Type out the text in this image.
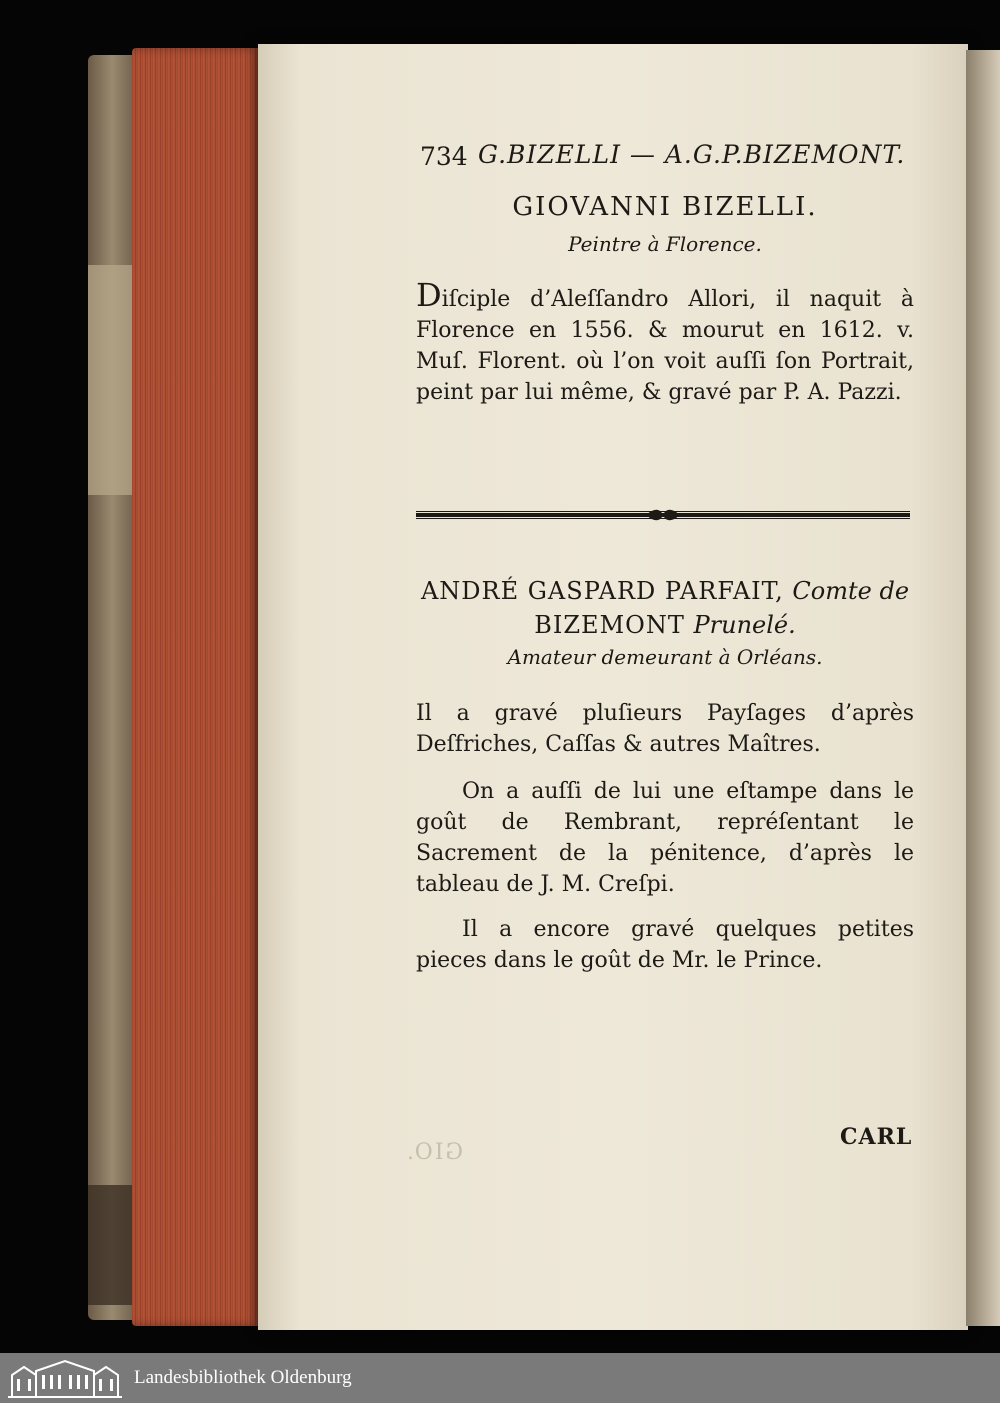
GIO.
734 G.BIZELLI — A.G.P.BIZEMONT.
GIOVANNI BIZELLI.
Peintre à Florence.
Diſciple d’Aleſſandro Allori, il naquit à Florence en 1556. & mourut en 1612. v. Muſ. Florent. où l’on voit auſſi ſon Portrait, peint par lui même, & gravé par P. A. Pazzi.
ANDRÉ GASPARD PARFAIT, Comte de
BIZEMONT Prunelé.
Amateur demeurant à Orléans.
Il a gravé pluſieurs Payſages d’après Deſfriches, Caſſas & autres Maîtres.
On a auſſi de lui une eſtampe dans le goût de Rembrant, repréſentant le Sacrement de la pénitence, d’après le tableau de J. M. Creſpi.
Il a encore gravé quelques petites pieces dans le goût de Mr. le Prince.
CARL
Landesbibliothek Oldenburg
